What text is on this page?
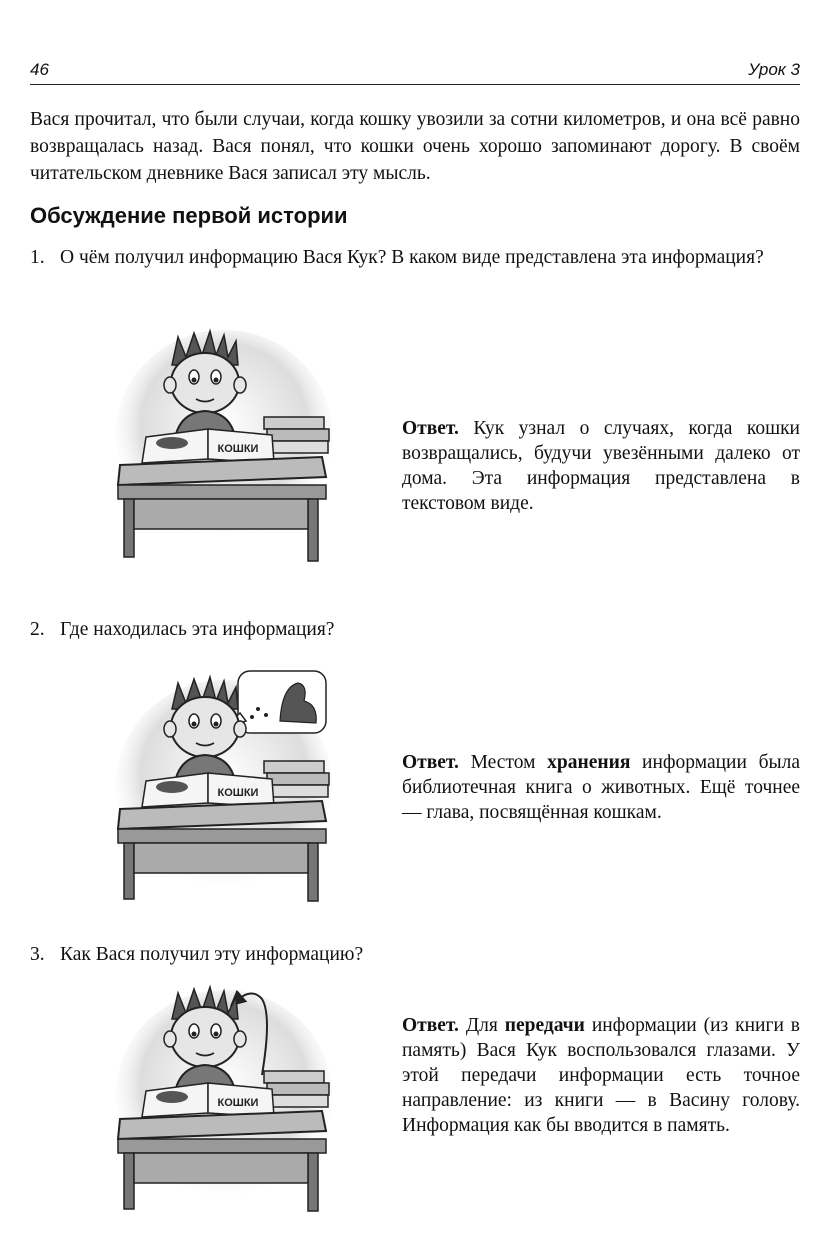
46	Урок 3

Вася прочитал, что были случаи, когда кошку увозили за сотни километров, и она всё равно возвращалась назад. Вася понял, что кошки очень хорошо запоминают дорогу. В своём читательском дневнике Вася записал эту мысль.

Обсуждение первой истории

1. О чём получил информацию Вася Кук? В каком виде представлена эта информация?

КОШКИ

Ответ. Кук узнал о случаях, когда кошки возвращались, будучи увезёнными далеко от дома. Эта информация представлена в текстовом виде.

2. Где находилась эта информация?

КОШКИ

Ответ. Местом хранения информации была библиотечная книга о животных. Ещё точнее — глава, посвящённая кошкам.

3. Как Вася получил эту информацию?

КОШКИ

Ответ. Для передачи информации (из книги в память) Вася Кук воспользовался глазами. У этой передачи информации есть точное направление: из книги — в Васину голову. Информация как бы вводится в память.
